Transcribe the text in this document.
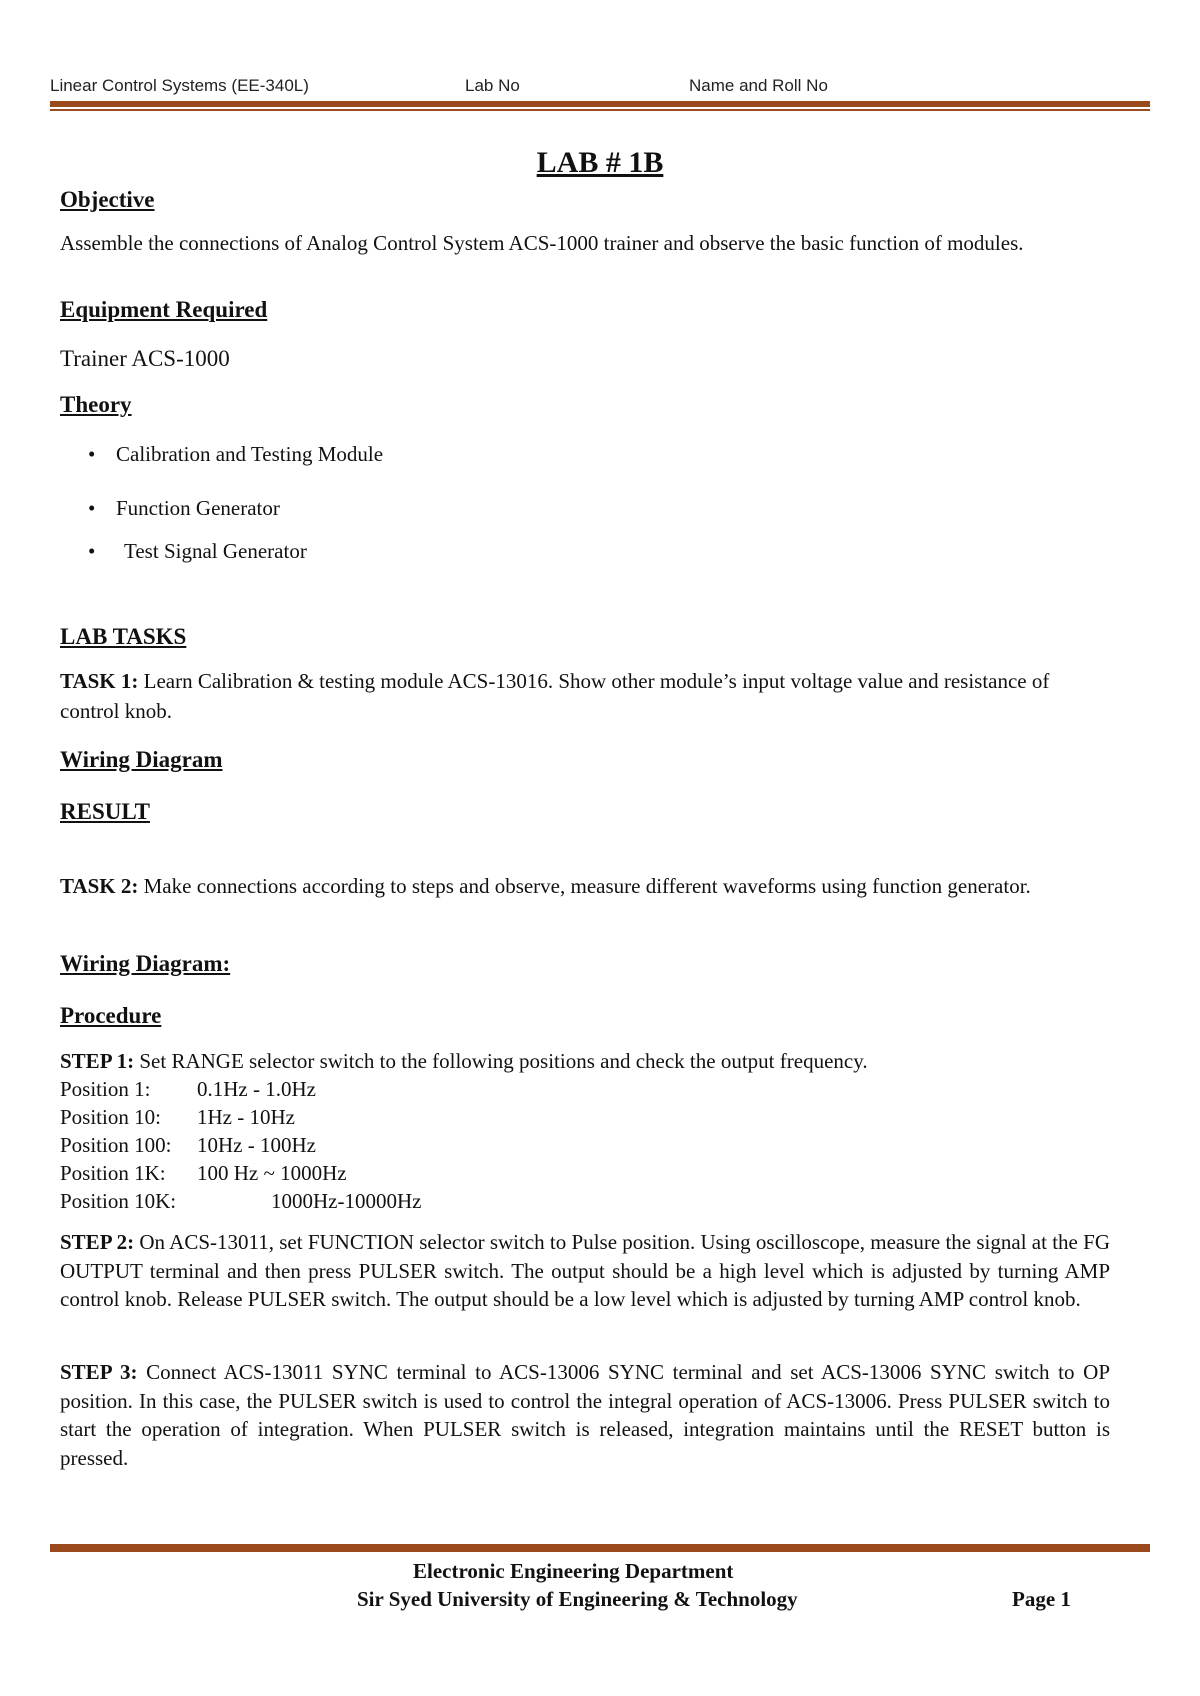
Linear Control Systems (EE-340L)	Lab No	Name and Roll No
LAB # 1B
Objective
Assemble the connections of Analog Control System ACS-1000 trainer and observe the basic function of modules.
Equipment Required
Trainer ACS-1000
Theory
• Calibration and Testing Module
• Function Generator
• Test Signal Generator
LAB TASKS
TASK 1: Learn Calibration & testing module ACS-13016. Show other module’s input voltage value and resistance of control knob.
Wiring Diagram
RESULT
TASK 2: Make connections according to steps and observe, measure different waveforms using function generator.
Wiring Diagram:
Procedure
STEP 1: Set RANGE selector switch to the following positions and check the output frequency.
Position 1: 0.1Hz - 1.0Hz
Position 10: 1Hz - 10Hz
Position 100: 10Hz - 100Hz
Position 1K: 100 Hz ~ 1000Hz
Position 10K:	1000Hz-10000Hz
STEP 2: On ACS-13011, set FUNCTION selector switch to Pulse position. Using oscilloscope, measure the signal at the FG OUTPUT terminal and then press PULSER switch. The output should be a high level which is adjusted by turning AMP control knob. Release PULSER switch. The output should be a low level which is adjusted by turning AMP control knob.
STEP 3: Connect ACS-13011 SYNC terminal to ACS-13006 SYNC terminal and set ACS-13006 SYNC switch to OP position. In this case, the PULSER switch is used to control the integral operation of ACS-13006. Press PULSER switch to start the operation of integration. When PULSER switch is released, integration maintains until the RESET button is pressed.
Electronic Engineering Department
Sir Syed University of Engineering & Technology	Page 1
